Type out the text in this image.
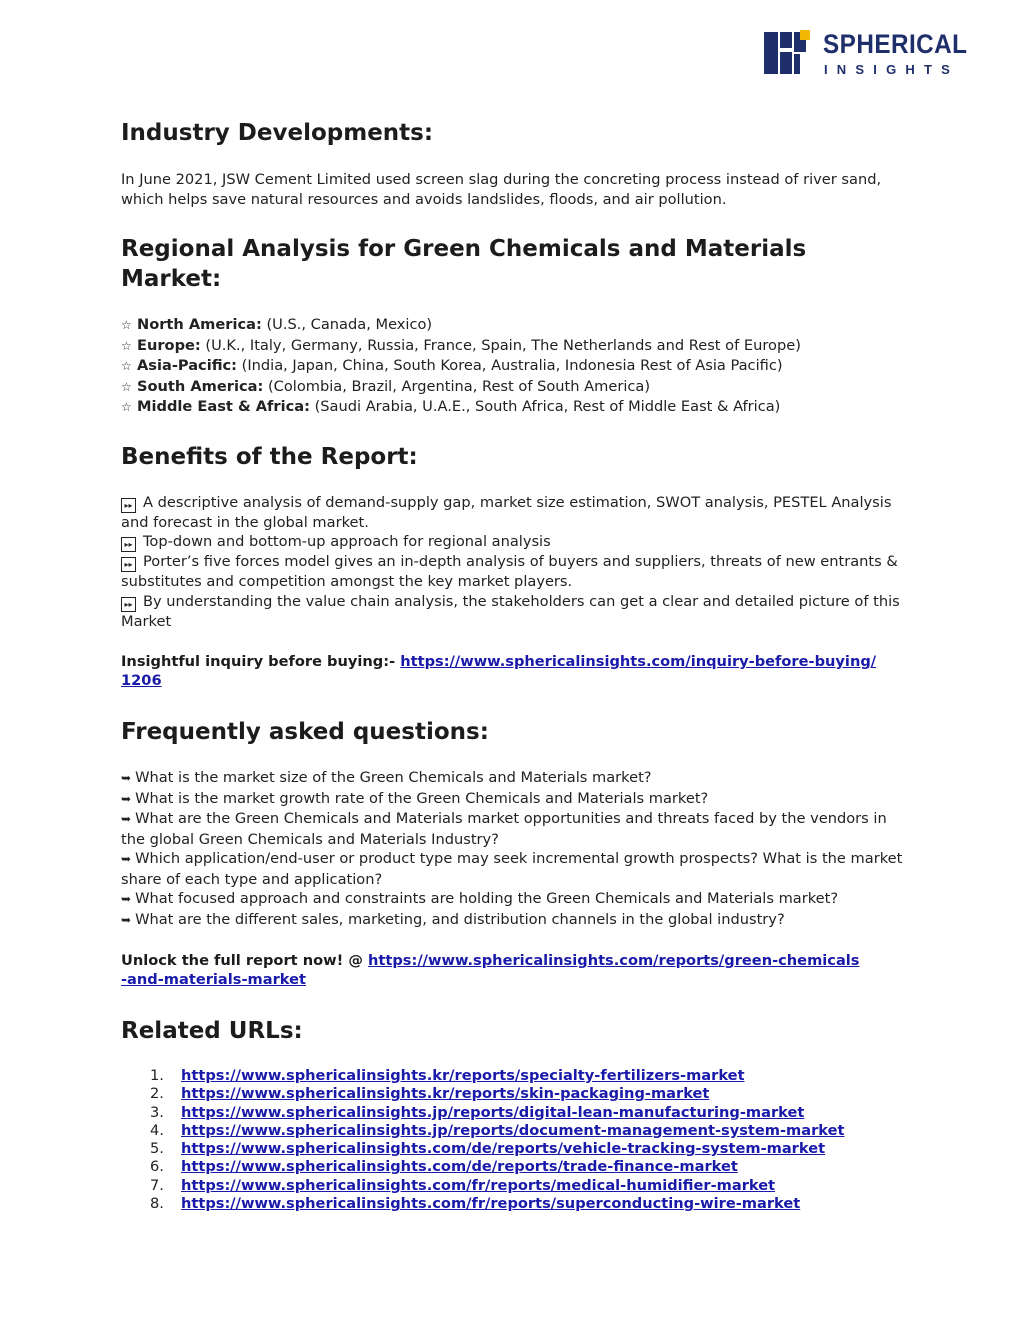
SPHERICAL
INSIGHTS
Industry Developments:

In June 2021, JSW Cement Limited used screen slag during the concreting process instead of river sand, which helps save natural resources and avoids landslides, floods, and air pollution.

Regional Analysis for Green Chemicals and Materials Market:
☆ North America: (U.S., Canada, Mexico)
☆ Europe: (U.K., Italy, Germany, Russia, France, Spain, The Netherlands and Rest of Europe)
☆ Asia-Pacific: (India, Japan, China, South Korea, Australia, Indonesia Rest of Asia Pacific)
☆ South America: (Colombia, Brazil, Argentina, Rest of South America)
☆ Middle East & Africa: (Saudi Arabia, U.A.E., South Africa, Rest of Middle East & Africa)
Benefits of the Report:
▸▸ A descriptive analysis of demand-supply gap, market size estimation, SWOT analysis, PESTEL Analysis and forecast in the global market.
▸▸ Top-down and bottom-up approach for regional analysis
▸▸ Porter’s five forces model gives an in-depth analysis of buyers and suppliers, threats of new entrants & substitutes and competition amongst the key market players.
▸▸ By understanding the value chain analysis, the stakeholders can get a clear and detailed picture of this Market

Insightful inquiry before buying:- https://www.sphericalinsights.com/inquiry-before-buying/1206

Frequently asked questions:
➥ What is the market size of the Green Chemicals and Materials market?
➥ What is the market growth rate of the Green Chemicals and Materials market?
➥ What are the Green Chemicals and Materials market opportunities and threats faced by the vendors in the global Green Chemicals and Materials Industry?
➥ Which application/end-user or product type may seek incremental growth prospects? What is the market share of each type and application?
➥ What focused approach and constraints are holding the Green Chemicals and Materials market?
➥ What are the different sales, marketing, and distribution channels in the global industry?

Unlock the full report now! @ https://www.sphericalinsights.com/reports/green-chemicals-and-materials-market

Related URLs:
1. https://www.sphericalinsights.kr/reports/specialty-fertilizers-market
2. https://www.sphericalinsights.kr/reports/skin-packaging-market
3. https://www.sphericalinsights.jp/reports/digital-lean-manufacturing-market
4. https://www.sphericalinsights.jp/reports/document-management-system-market
5. https://www.sphericalinsights.com/de/reports/vehicle-tracking-system-market
6. https://www.sphericalinsights.com/de/reports/trade-finance-market
7. https://www.sphericalinsights.com/fr/reports/medical-humidifier-market
8. https://www.sphericalinsights.com/fr/reports/superconducting-wire-market
